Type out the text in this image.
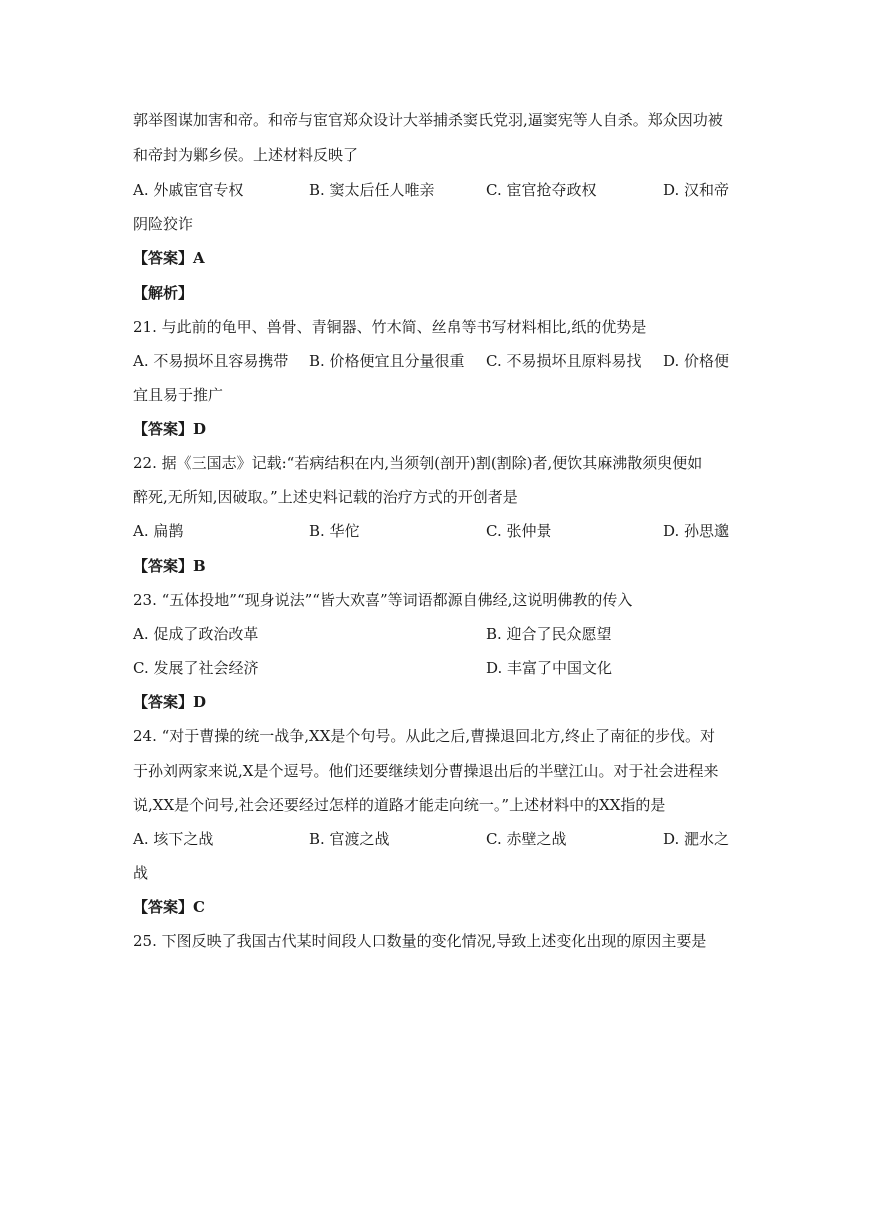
郭举图谋加害和帝。和帝与宦官郑众设计大举捕杀窦氏党羽,逼窦宪等人自杀。郑众因功被
和帝封为鄛乡侯。上述材料反映了
A. 外戚宦官专权	B. 窦太后任人唯亲	C. 宦官抢夺政权	D. 汉和帝
阴险狡诈
【答案】A
【解析】
21. 与此前的龟甲、兽骨、青铜器、竹木简、丝帛等书写材料相比,纸的优势是
A. 不易损坏且容易携带 B. 价格便宜且分量很重 C. 不易损坏且原料易找 D. 价格便
宜且易于推广
【答案】D
22. 据《三国志》记载:“若病结积在内,当须刳(剖开)割(割除)者,便饮其麻沸散须臾便如
醉死,无所知,因破取。”上述史料记载的治疗方式的开创者是
A. 扁鹊	B. 华佗	C. 张仲景	D. 孙思邈
【答案】B
23. “五体投地”“现身说法”“皆大欢喜”等词语都源自佛经,这说明佛教的传入
A. 促成了政治改革	B. 迎合了民众愿望
C. 发展了社会经济	D. 丰富了中国文化
【答案】D
24. “对于曹操的统一战争,XX是个句号。从此之后,曹操退回北方,终止了南征的步伐。对
于孙刘两家来说,X是个逗号。他们还要继续划分曹操退出后的半壁江山。对于社会进程来
说,XX是个问号,社会还要经过怎样的道路才能走向统一。”上述材料中的XX指的是
A. 垓下之战	B. 官渡之战	C. 赤壁之战	D. 淝水之
战
【答案】C
25. 下图反映了我国古代某时间段人口数量的变化情况,导致上述变化出现的原因主要是
